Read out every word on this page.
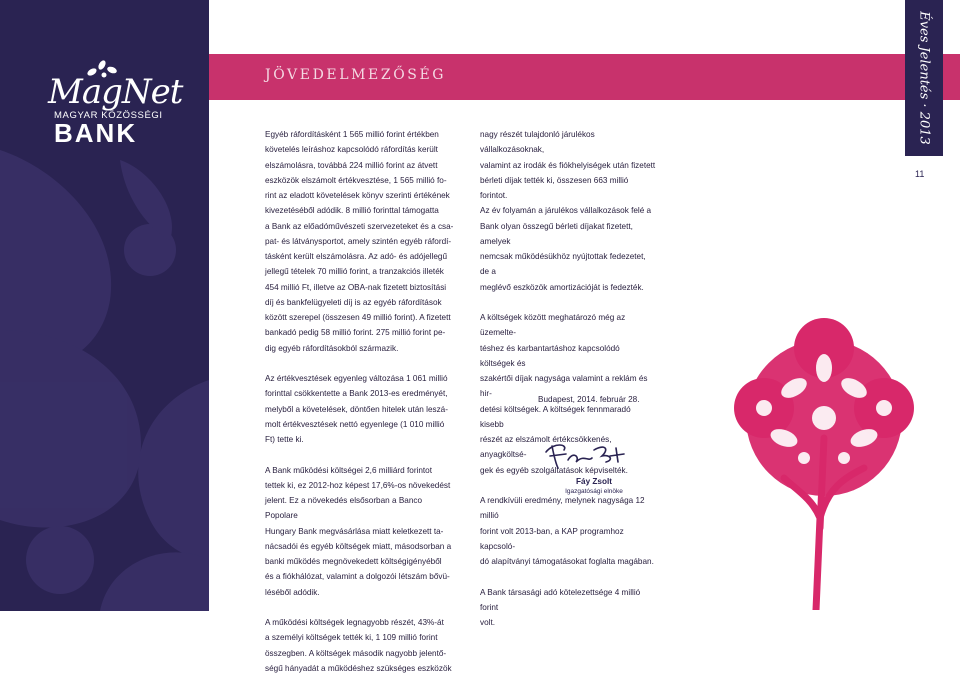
MagNet
MAGYAR KÖZÖSSÉGI
BANK
JÖVEDELMEZŐSÉG	Éves Jelentés · 2013
11

Egyéb ráfordításként 1 565 millió forint értékben

követelés leíráshoz kapcsolódó ráfordítás került

elszámolásra, továbbá 224 millió forint az átvett

eszközök elszámolt értékvesztése, 1 565 millió fo-

rint az eladott követelések könyv szerinti értékének

kivezetéséből adódik. 8 millió forinttal támogatta

a Bank az előadóművészeti szervezeteket és a csa-

pat- és látványsportot, amely szintén egyéb ráfordí-

tásként került elszámolásra. Az adó- és adójellegű

jellegű tételek 70 millió forint, a tranzakciós illeték

454 millió Ft, illetve az OBA-nak fizetett biztosítási

díj és bankfelügyeleti díj is az egyéb ráfordítások

között szerepel (összesen 49 millió forint). A fizetett

bankadó pedig 58 millió forint. 275 millió forint pe-

dig egyéb ráfordításokból származik.

Az értékvesztések egyenleg változása 1 061 millió

forinttal csökkentette a Bank 2013-es eredményét,

melyből a követelések, döntően hitelek után leszá-

molt értékvesztések nettó egyenlege (1 010 millió

Ft) tette ki.

A Bank működési költségei 2,6 milliárd forintot

tettek ki, ez 2012-hoz képest 17,6%-os növekedést

jelent. Ez a növekedés elsősorban a Banco Popolare

Hungary Bank megvásárlása miatt keletkezett ta-

nácsadói és egyéb költségek miatt, másodsorban a

banki működés megnövekedett költségigényéből

és a fiókhálózat, valamint a dolgozói létszám bővü-

léséből adódik.

A működési költségek legnagyobb részét, 43%-át

a személyi költségek tették ki, 1 109 millió forint

összegben. A költségek második nagyobb jelentő-

ségű hányadát a működéshez szükséges eszközök

nagy részét tulajdonló járulékos vállalkozásoknak,

valamint az irodák és fiókhelyiségek után fizetett

bérleti díjak tették ki, összesen 663 millió forintot.

Az év folyamán a járulékos vállalkozások felé a

Bank olyan összegű bérleti díjakat fizetett, amelyek

nemcsak működésükhöz nyújtottak fedezetet, de a

meglévő eszközök amortizációját is fedezték.

A költségek között meghatározó még az üzemelte-

téshez és karbantartáshoz kapcsolódó költségek és

szakértői díjak nagysága valamint a reklám és hir-

detési költségek. A költségek fennmaradó kisebb

részét az elszámolt értékcsökkenés, anyagköltsé-

gek és egyéb szolgáltatások képviselték.

A rendkívüli eredmény, melynek nagysága 12 millió

forint volt 2013-ban, a KAP programhoz kapcsoló-

dó alapítványi támogatásokat foglalta magában.

A Bank társasági adó kötelezettsége 4 millió forint

volt.

Budapest, 2014. február 28.
Fáy Zsolt
Igazgatósági elnöke
